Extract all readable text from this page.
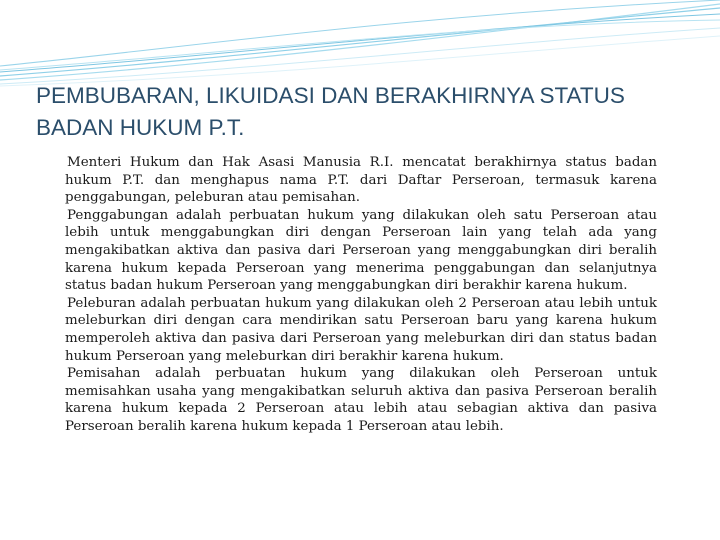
PEMBUBARAN, LIKUIDASI DAN BERAKHIRNYA STATUS BADAN HUKUM P.T.

Menteri Hukum dan Hak Asasi Manusia R.I. mencatat berakhirnya status badan hukum P.T. dan menghapus nama P.T. dari Daftar Perseroan, termasuk karena penggabungan, peleburan atau pemisahan.

Penggabungan adalah perbuatan hukum yang dilakukan oleh satu Perseroan atau lebih untuk menggabungkan diri dengan Perseroan lain yang telah ada yang mengakibatkan aktiva dan pasiva dari Perseroan yang menggabungkan diri beralih karena hukum kepada Perseroan yang menerima penggabungan dan selanjutnya status badan hukum Perseroan yang menggabungkan diri berakhir karena hukum.

Peleburan adalah perbuatan hukum yang dilakukan oleh 2 Perseroan atau lebih untuk meleburkan diri dengan cara mendirikan satu Perseroan baru yang karena hukum memperoleh aktiva dan pasiva dari Perseroan yang meleburkan diri dan status badan hukum Perseroan yang meleburkan diri berakhir karena hukum.

Pemisahan adalah perbuatan hukum yang dilakukan oleh Perseroan untuk memisahkan usaha yang mengakibatkan seluruh aktiva dan pasiva Perseroan beralih karena hukum kepada 2 Perseroan atau lebih atau sebagian aktiva dan pasiva Perseroan beralih karena hukum kepada 1 Perseroan atau lebih.
